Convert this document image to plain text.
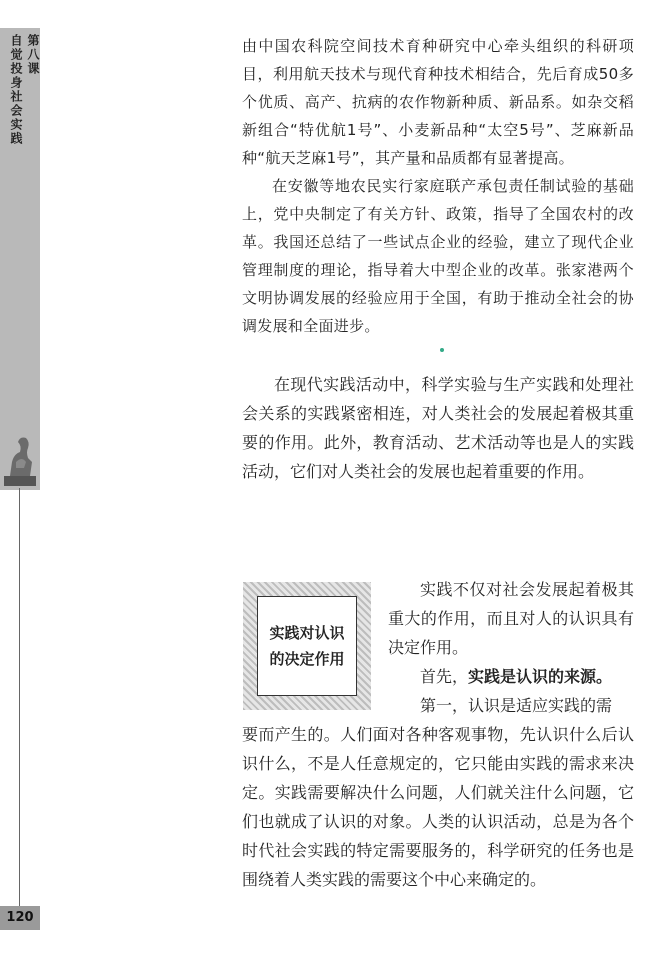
第八课
自觉投身社会实践
120

由中国农科院空间技术育种研究中心牵头组织的科研项目，利用航天技术与现代育种技术相结合，先后育成50多个优质、高产、抗病的农作物新种质、新品系。如杂交稻新组合“特优航1号”、小麦新品种“太空5号”、芝麻新品种“航天芝麻1号”，其产量和品质都有显著提高。

在安徽等地农民实行家庭联产承包责任制试验的基础上，党中央制定了有关方针、政策，指导了全国农村的改革。我国还总结了一些试点企业的经验，建立了现代企业管理制度的理论，指导着大中型企业的改革。张家港两个文明协调发展的经验应用于全国，有助于推动全社会的协调发展和全面进步。

在现代实践活动中，科学实验与生产实践和处理社会关系的实践紧密相连，对人类社会的发展起着极其重要的作用。此外，教育活动、艺术活动等也是人的实践活动，它们对人类社会的发展也起着重要的作用。

实践对认识
的决定作用

实践不仅对社会发展起着极其重大的作用，而且对人的认识具有决定作用。

首先，实践是认识的来源。

第一，认识是适应实践的需

要而产生的。人们面对各种客观事物，先认识什么后认识什么，不是人任意规定的，它只能由实践的需求来决定。实践需要解决什么问题，人们就关注什么问题，它们也就成了认识的对象。人类的认识活动，总是为各个时代社会实践的特定需要服务的，科学研究的任务也是围绕着人类实践的需要这个中心来确定的。
